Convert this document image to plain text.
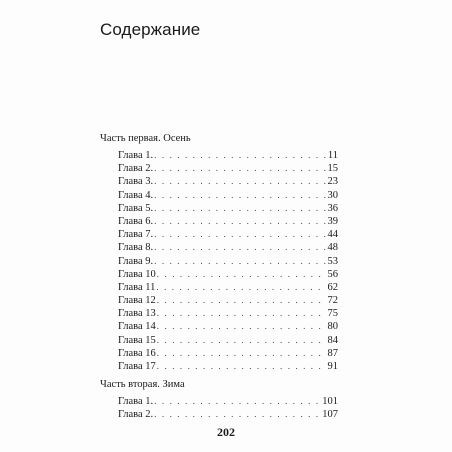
Содержание
Часть первая. Осень
Глава 1. . . .	11
Глава 2. . . .	15
Глава 3. . . .	23
Глава 4. . . .	30
Глава 5. . . .	36
Глава 6. . . .	39
Глава 7. . . .	44
Глава 8. . . .	48
Глава 9. . . .	53
Глава 10 . . .	56
Глава 11 . . .	62
Глава 12 . . .	72
Глава 13 . . .	75
Глава 14 . . .	80
Глава 15 . . .	84
Глава 16 . . .	87
Глава 17 . . .	91
Часть вторая. Зима
Глава 1. . . .	101
Глава 2. . . .	107
202
